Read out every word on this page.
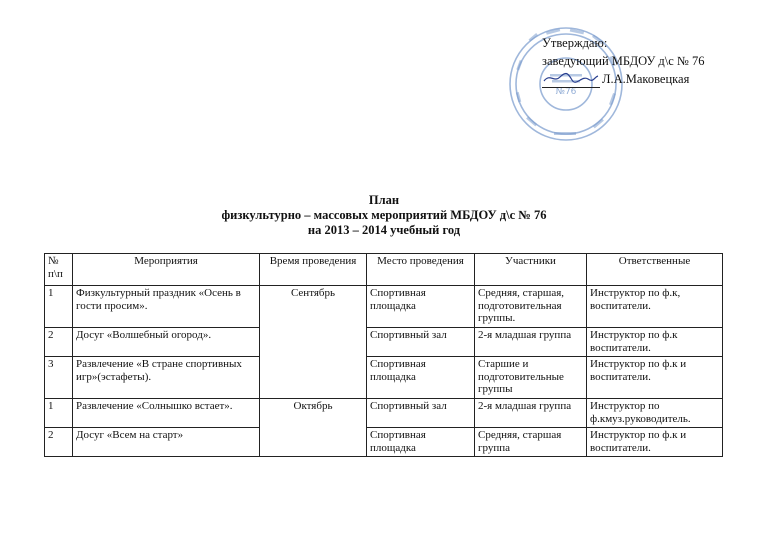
№76
Утверждаю:
заведующий МБДОУ д\с № 76
Л.А.Маковецкая
План
физкультурно – массовых мероприятий МБДОУ д\с № 76
на 2013 – 2014 учебный год
№ п\п	Мероприятия	Время проведения	Место проведения	Участники	Ответственные
1	Физкультурный праздник «Осень в гости просим».	Сентябрь	Спортивная площадка	Средняя, старшая, подготовительная группы.	Инструктор по ф.к, воспитатели.
2	Досуг «Волшебный огород».		Спортивный зал	2-я младшая группа	Инструктор по ф.к воспитатели.
3	Развлечение «В стране спортивных игр»(эстафеты).		Спортивная площадка	Старшие и подготовительные группы	Инструктор по ф.к и воспитатели.
1	Развлечение «Солнышко встает».	Октябрь	Спортивный зал	2-я младшая группа	Инструктор по ф.кмуз.руководитель.
2	Досуг «Всем на старт»		Спортивная площадка	Средняя, старшая группа	Инструктор по ф.к и воспитатели.
